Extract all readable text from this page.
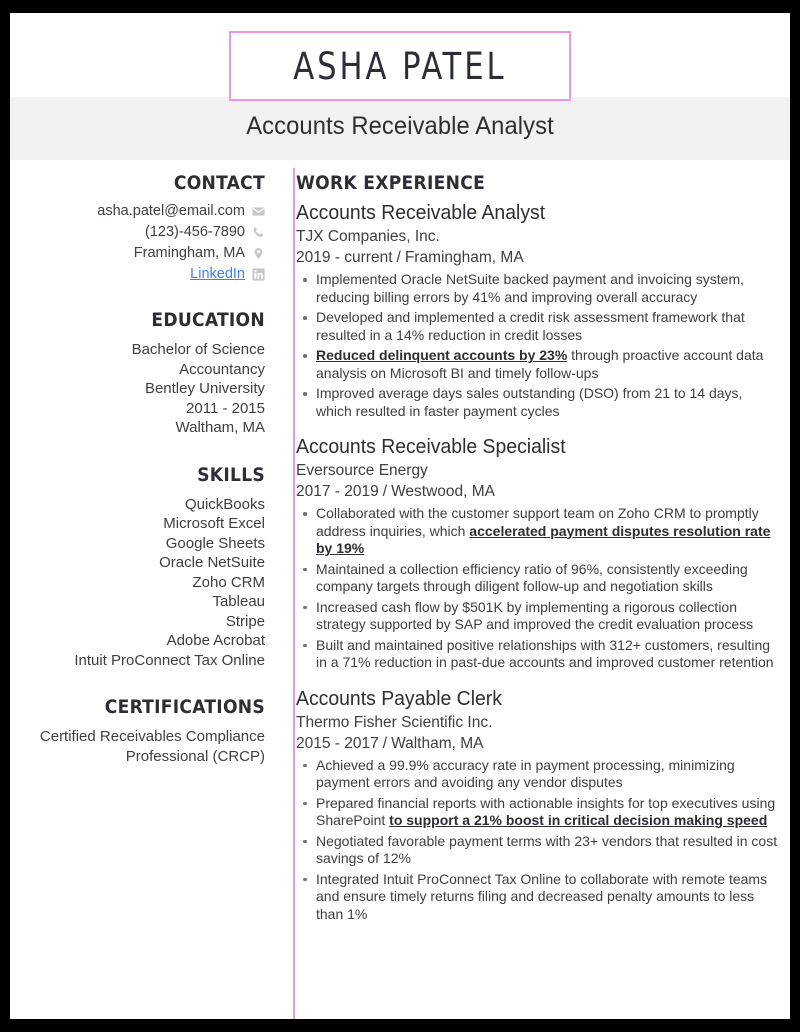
ASHA PATEL
Accounts Receivable Analyst
CONTACT
asha.patel@email.com
(123)-456-7890
Framingham, MA
LinkedIn
EDUCATION
Bachelor of Science
Accountancy
Bentley University
2011 - 2015
Waltham, MA
SKILLS
QuickBooks
Microsoft Excel
Google Sheets
Oracle NetSuite
Zoho CRM
Tableau
Stripe
Adobe Acrobat
Intuit ProConnect Tax Online
CERTIFICATIONS
Certified Receivables Compliance Professional (CRCP)
WORK EXPERIENCE
Accounts Receivable Analyst
TJX Companies, Inc.
2019 - current / Framingham, MA
Implemented Oracle NetSuite backed payment and invoicing system, reducing billing errors by 41% and improving overall accuracy
Developed and implemented a credit risk assessment framework that resulted in a 14% reduction in credit losses
Reduced delinquent accounts by 23% through proactive account data analysis on Microsoft BI and timely follow-ups
Improved average days sales outstanding (DSO) from 21 to 14 days, which resulted in faster payment cycles
Accounts Receivable Specialist
Eversource Energy
2017 - 2019 / Westwood, MA
Collaborated with the customer support team on Zoho CRM to promptly address inquiries, which accelerated payment disputes resolution rate by 19%
Maintained a collection efficiency ratio of 96%, consistently exceeding company targets through diligent follow-up and negotiation skills
Increased cash flow by $501K by implementing a rigorous collection strategy supported by SAP and improved the credit evaluation process
Built and maintained positive relationships with 312+ customers, resulting in a 71% reduction in past-due accounts and improved customer retention
Accounts Payable Clerk
Thermo Fisher Scientific Inc.
2015 - 2017 / Waltham, MA
Achieved a 99.9% accuracy rate in payment processing, minimizing payment errors and avoiding any vendor disputes
Prepared financial reports with actionable insights for top executives using SharePoint to support a 21% boost in critical decision making speed
Negotiated favorable payment terms with 23+ vendors that resulted in cost savings of 12%
Integrated Intuit ProConnect Tax Online to collaborate with remote teams and ensure timely returns filing and decreased penalty amounts to less than 1%
